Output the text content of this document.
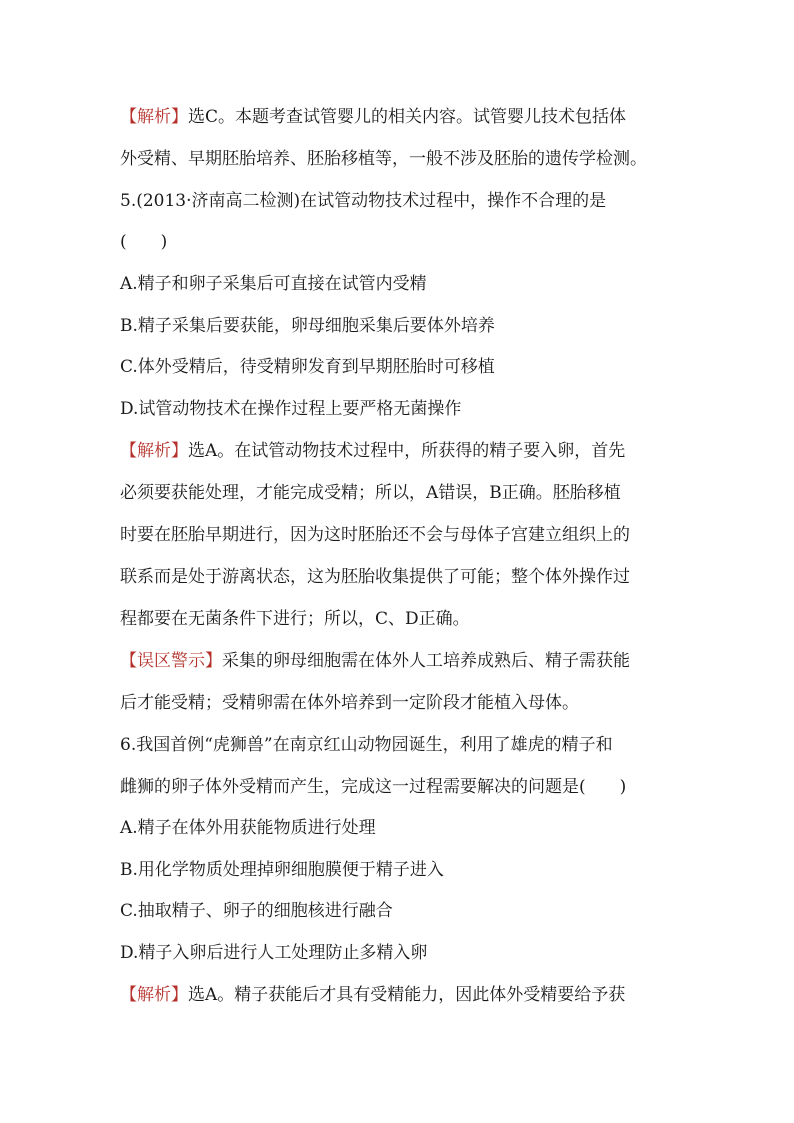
【解析】选C。本题考查试管婴儿的相关内容。试管婴儿技术包括体
外受精、早期胚胎培养、胚胎移植等，一般不涉及胚胎的遗传学检测。
5.(2013·济南高二检测)在试管动物技术过程中，操作不合理的是
(　　)
A.精子和卵子采集后可直接在试管内受精
B.精子采集后要获能，卵母细胞采集后要体外培养
C.体外受精后，待受精卵发育到早期胚胎时可移植
D.试管动物技术在操作过程上要严格无菌操作
【解析】选A。在试管动物技术过程中，所获得的精子要入卵，首先
必须要获能处理，才能完成受精；所以，A错误，B正确。胚胎移植
时要在胚胎早期进行，因为这时胚胎还不会与母体子宫建立组织上的
联系而是处于游离状态，这为胚胎收集提供了可能；整个体外操作过
程都要在无菌条件下进行；所以，C、D正确。
【误区警示】采集的卵母细胞需在体外人工培养成熟后、精子需获能
后才能受精；受精卵需在体外培养到一定阶段才能植入母体。
6.我国首例“虎狮兽”在南京红山动物园诞生，利用了雄虎的精子和
雌狮的卵子体外受精而产生，完成这一过程需要解决的问题是(　　)
A.精子在体外用获能物质进行处理
B.用化学物质处理掉卵细胞膜便于精子进入
C.抽取精子、卵子的细胞核进行融合
D.精子入卵后进行人工处理防止多精入卵
【解析】选A。精子获能后才具有受精能力，因此体外受精要给予获
